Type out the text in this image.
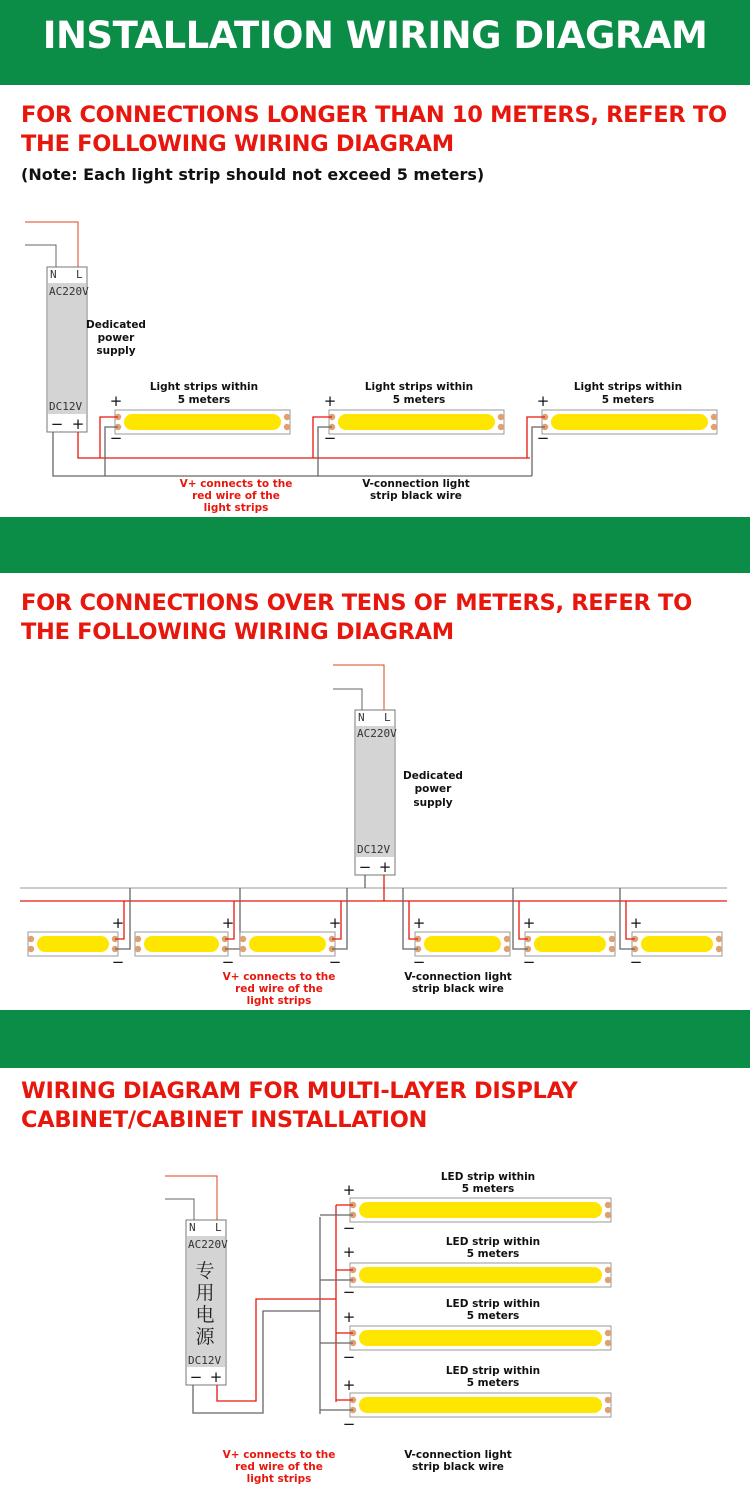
INSTALLATION WIRING DIAGRAM
FOR CONNECTIONS LONGER THAN 10 METERS, REFER TO
THE FOLLOWING WIRING DIAGRAM
(Note: Each light strip should not exceed 5 meters)
FOR CONNECTIONS OVER TENS OF METERS, REFER TO
THE FOLLOWING WIRING DIAGRAM
WIRING DIAGRAM FOR MULTI-LAYER DISPLAY
CABINET/CABINET INSTALLATION
N L
AC220V
DC12V
− +
Dedicated
power
supply
Light strips within
5 meters
Light strips within
5 meters
Light strips within
5 meters
+
−
+
−
+
−
V+ connects to the
red wire of the
light strips
V-connection light
strip black wire
N L
AC220V
DC12V
− +
Dedicated
power
supply
V+ connects to the
red wire of the
light strips
V-connection light
strip black wire
+
−
+
−
+
−
+
−
+
−
+
−
N L
AC220V
专
用
电
源
DC12V
− +
LED strip within
5 meters
LED strip within
5 meters
LED strip within
5 meters
LED strip within
5 meters
+
−
+
−
+
−
+
−
V+ connects to the
red wire of the
light strips
V-connection light
strip black wire
